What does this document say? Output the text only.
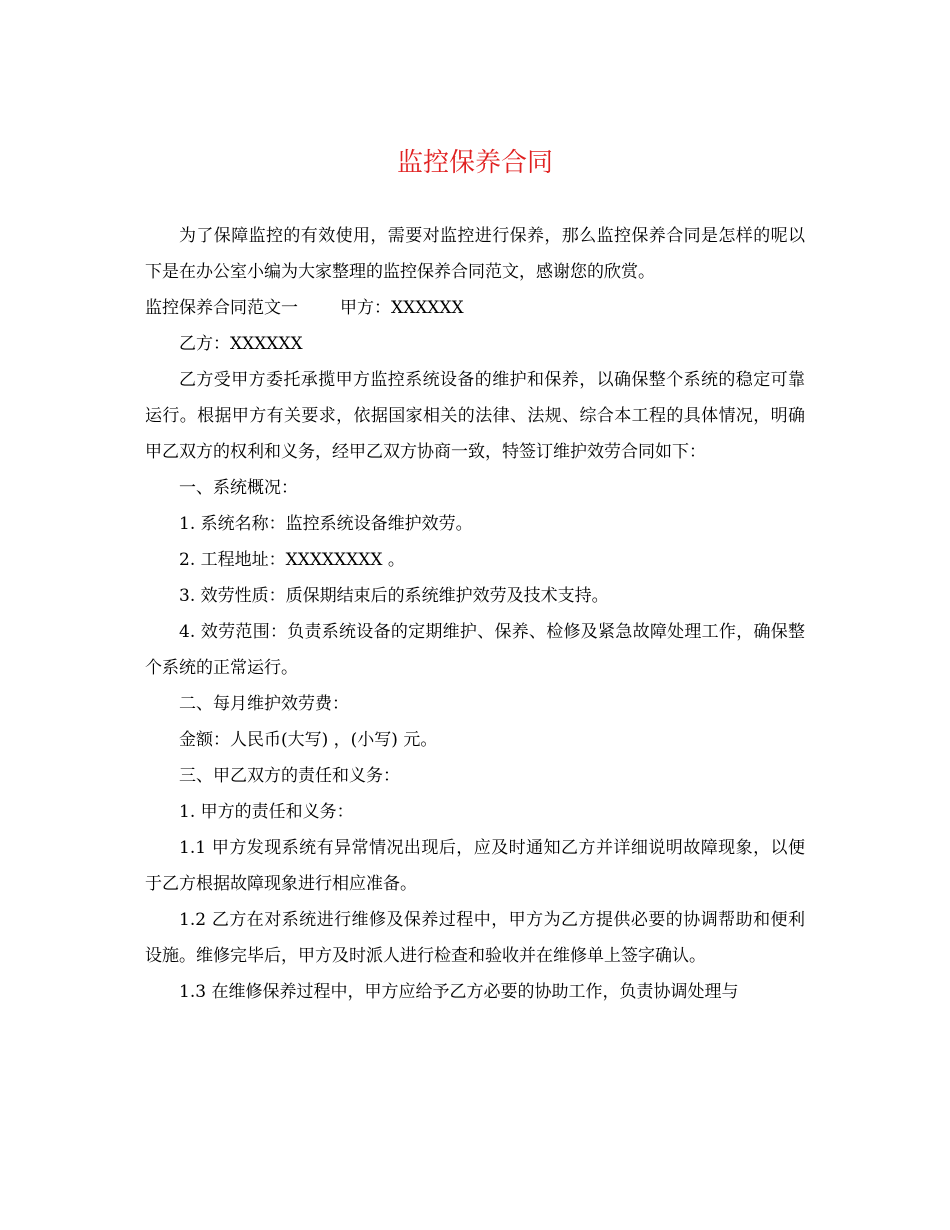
监控保养合同

为了保障监控的有效使用，需要对监控进行保养，那么监控保养合同是怎样的呢以下是在办公室小编为大家整理的监控保养合同范文，感谢您的欣赏。

监控保养合同范文一 甲方：XXXXXX

乙方：XXXXXX

乙方受甲方委托承揽甲方监控系统设备的维护和保养，以确保整个系统的稳定可靠运行。根据甲方有关要求，依据国家相关的法律、法规、综合本工程的具体情况，明确甲乙双方的权利和义务，经甲乙双方协商一致，特签订维护效劳合同如下：

一、系统概况：

1. 系统名称：监控系统设备维护效劳。

2. 工程地址：XXXXXXXX 。

3. 效劳性质：质保期结束后的系统维护效劳及技术支持。

4. 效劳范围：负责系统设备的定期维护、保养、检修及紧急故障处理工作，确保整个系统的正常运行。

二、每月维护效劳费：

金额：人民币(大写) ，(小写) 元。

三、甲乙双方的责任和义务：

1. 甲方的责任和义务：

1.1 甲方发现系统有异常情况出现后，应及时通知乙方并详细说明故障现象，以便于乙方根据故障现象进行相应准备。

1.2 乙方在对系统进行维修及保养过程中，甲方为乙方提供必要的协调帮助和便利设施。维修完毕后，甲方及时派人进行检查和验收并在维修单上签字确认。

1.3 在维修保养过程中，甲方应给予乙方必要的协助工作，负责协调处理与
